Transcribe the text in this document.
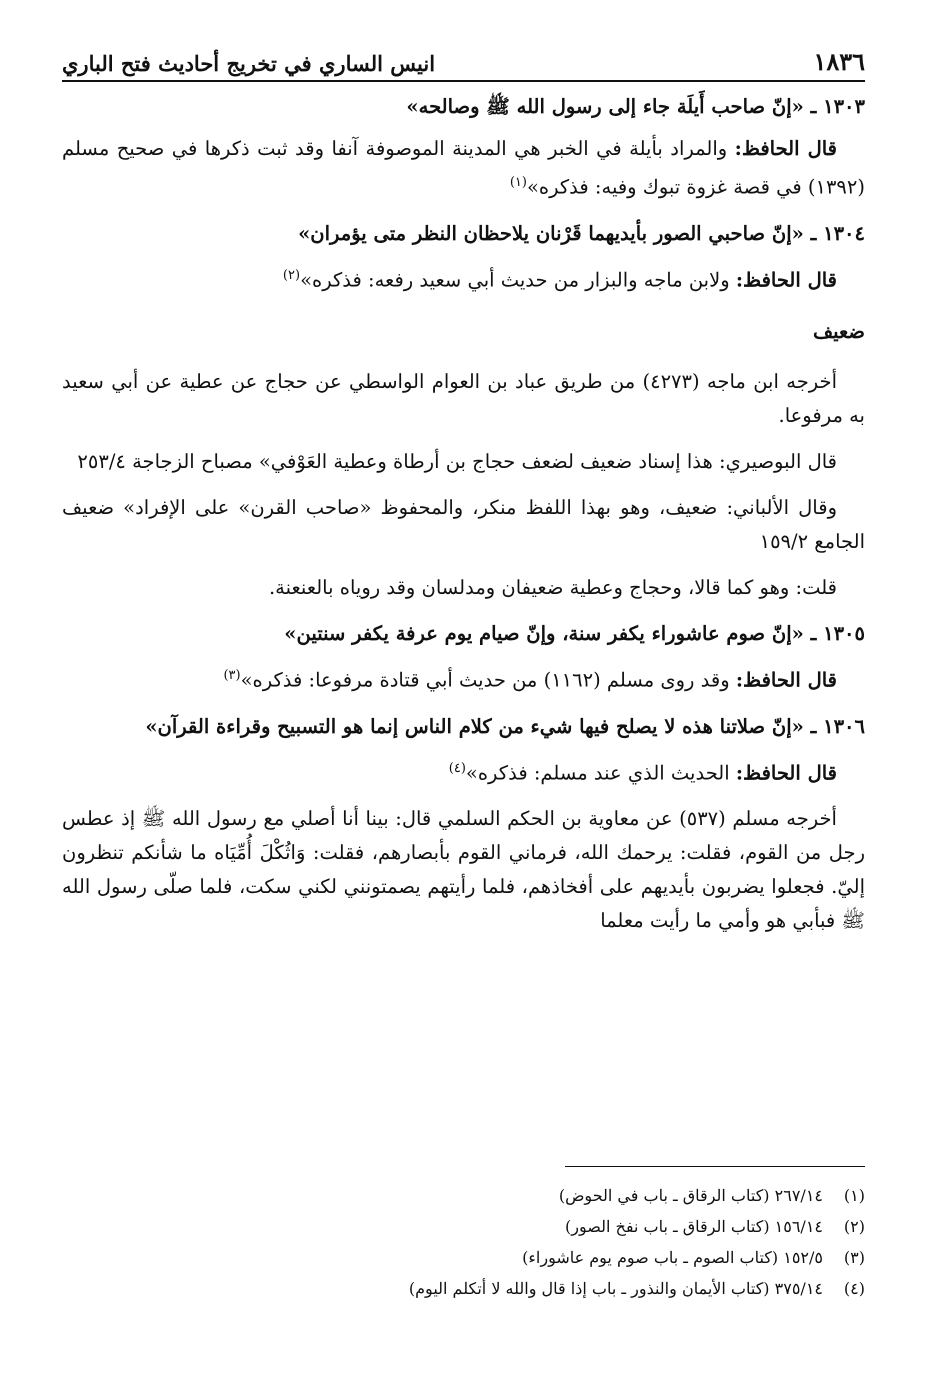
١٨٣٦
انيس الساري في تخريج أحاديث فتح الباري
١٣٠٣ ـ «إنّ صاحب أَيلَة جاء إلى رسول الله ﷺ وصالحه»

قال الحافظ: والمراد بأيلة في الخبر هي المدينة الموصوفة آنفا وقد ثبت ذكرها في صحيح مسلم (١٣٩٢) في قصة غزوة تبوك وفيه: فذكره»$^{(١)}$

١٣٠٤ ـ «إنّ صاحبي الصور بأيديهما قَرْنان يلاحظان النظر متى يؤمران»

قال الحافظ: ولابن ماجه والبزار من حديث أبي سعيد رفعه: فذكره»$^{(٢)}$

ضعيف

أخرجه ابن ماجه (٤٢٧٣) من طريق عباد بن العوام الواسطي عن حجاج عن عطية عن أبي سعيد به مرفوعا.

قال البوصيري: هذا إسناد ضعيف لضعف حجاج بن أرطاة وعطية العَوْفي» مصباح الزجاجة ٢٥٣/٤

وقال الألباني: ضعيف، وهو بهذا اللفظ منكر، والمحفوظ «صاحب القرن» على الإفراد» ضعيف الجامع ١٥٩/٢

قلت: وهو كما قالا، وحجاج وعطية ضعيفان ومدلسان وقد روياه بالعنعنة.

١٣٠٥ ـ «إنّ صوم عاشوراء يكفر سنة، وإنّ صيام يوم عرفة يكفر سنتين»

قال الحافظ: وقد روى مسلم (١١٦٢) من حديث أبي قتادة مرفوعا: فذكره»$^{(٣)}$

١٣٠٦ ـ «إنّ صلاتنا هذه لا يصلح فيها شيء من كلام الناس إنما هو التسبيح وقراءة القرآن»

قال الحافظ: الحديث الذي عند مسلم: فذكره»$^{(٤)}$

أخرجه مسلم (٥٣٧) عن معاوية بن الحكم السلمي قال: بينا أنا أصلي مع رسول الله ﷺ إذ عطس رجل من القوم، فقلت: يرحمك الله، فرماني القوم بأبصارهم، فقلت: وَاثُكْلَ أُمِّيَاه ما شأنكم تنظرون إليّ. فجعلوا يضربون بأيديهم على أفخاذهم، فلما رأيتهم يصمتونني لكني سكت، فلما صلّى رسول الله ﷺ فبأبي هو وأمي ما رأيت معلما

(١)
٢٦٧/١٤ (كتاب الرقاق ـ باب في الحوض)
(٢)
١٥٦/١٤ (كتاب الرقاق ـ باب نفخ الصور)
(٣)
١٥٢/٥ (كتاب الصوم ـ باب صوم يوم عاشوراء)
(٤)
٣٧٥/١٤ (كتاب الأيمان والنذور ـ باب إذا قال والله لا أتكلم اليوم)
